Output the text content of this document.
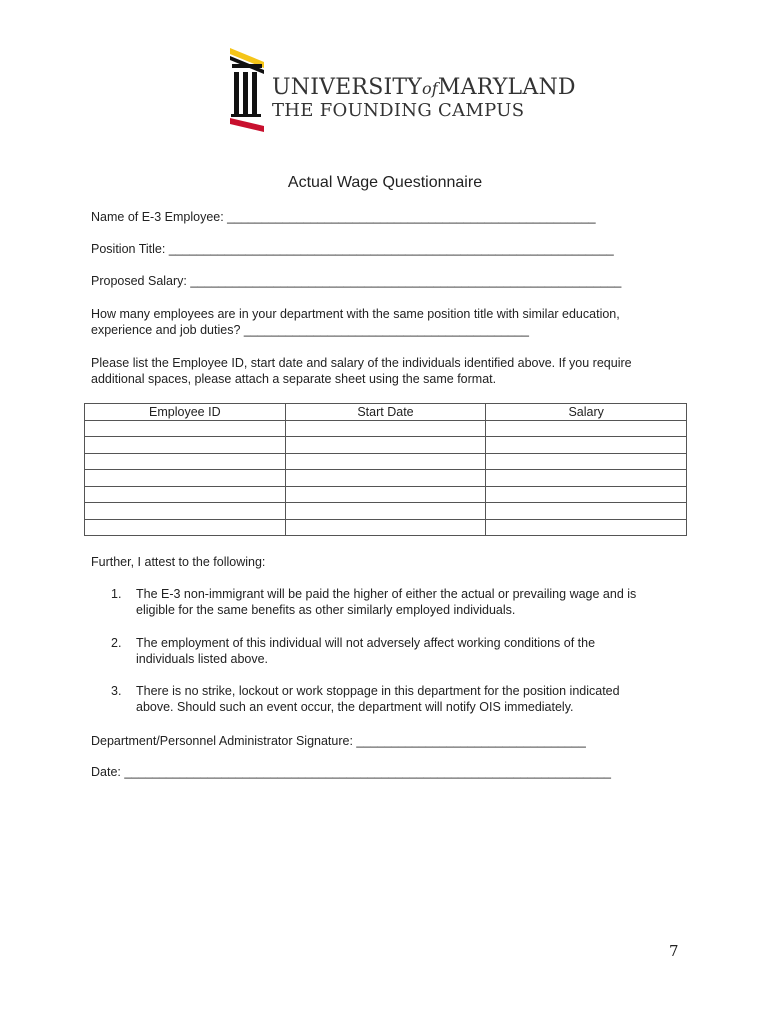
UNIVERSITYofMARYLAND
THE FOUNDING CAMPUS
Actual Wage Questionnaire
Name of E-3 Employee: _____________________________________________________
Position Title: ________________________________________________________________
Proposed Salary: ______________________________________________________________
How many employees are in your department with the same position title with similar education,
experience and job duties? _________________________________________
Please list the Employee ID, start date and salary of the individuals identified above. If you require
additional spaces, please attach a separate sheet using the same format.
Employee ID	Start Date	Salary

Further, I attest to the following:
1. The E-3 non-immigrant will be paid the higher of either the actual or prevailing wage and is
eligible for the same benefits as other similarly employed individuals.
2. The employment of this individual will not adversely affect working conditions of the
individuals listed above.
3. There is no strike, lockout or work stoppage in this department for the position indicated
above. Should such an event occur, the department will notify OIS immediately.
Department/Personnel Administrator Signature: _________________________________
Date: ______________________________________________________________________
7
